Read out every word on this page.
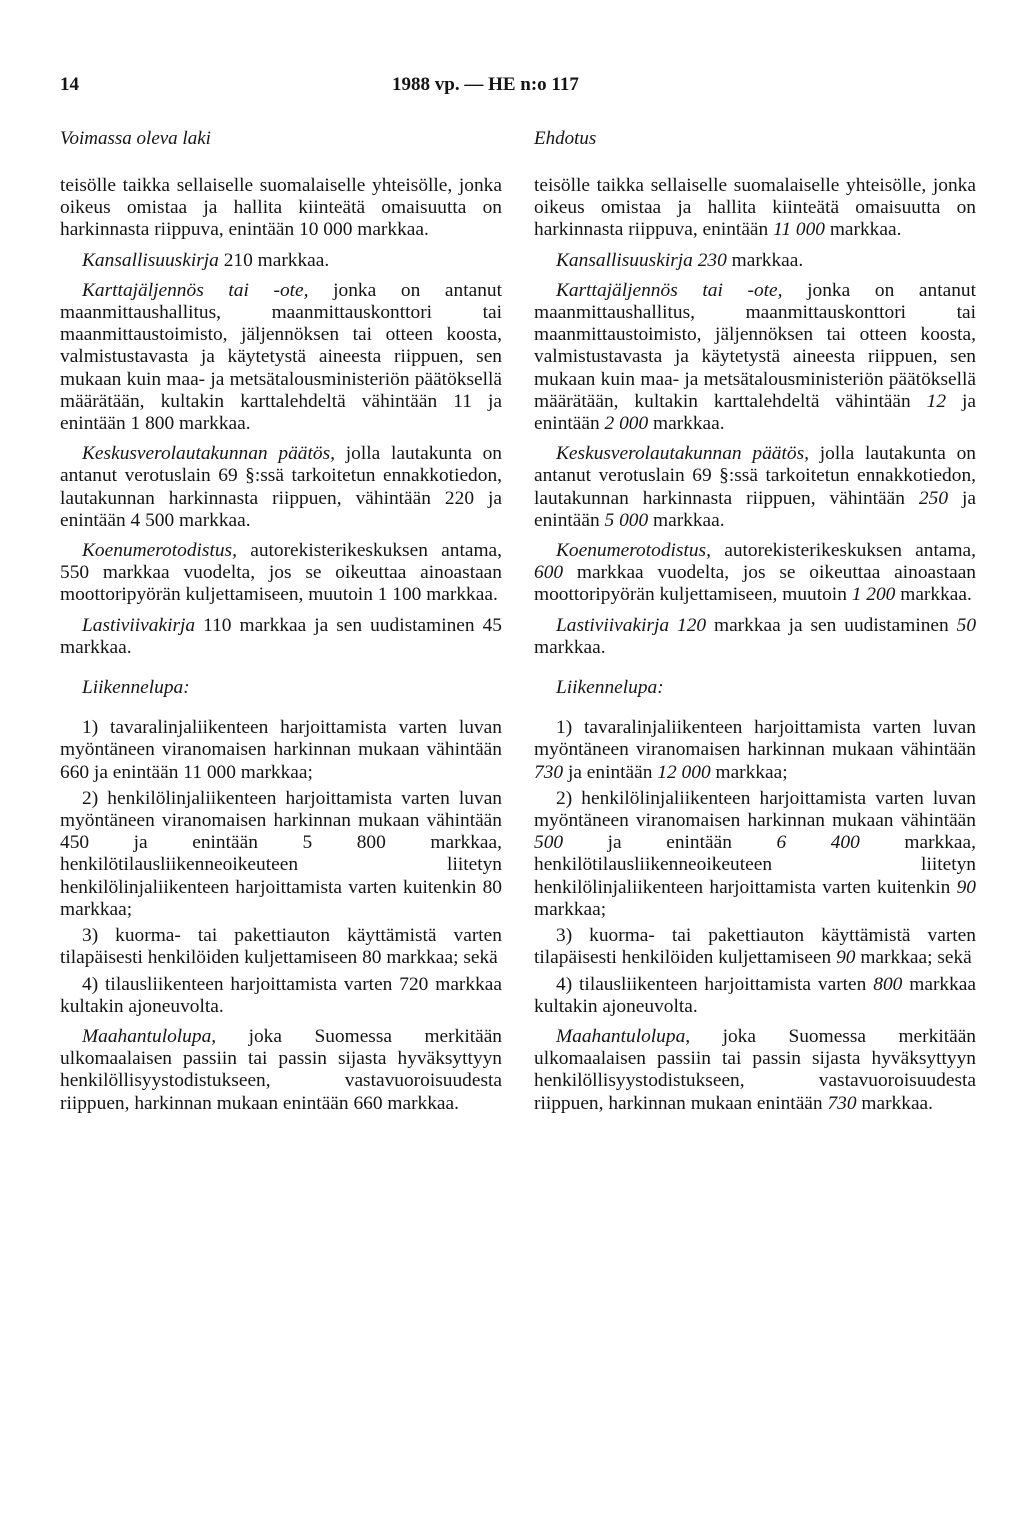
14	1988 vp. — HE n:o 117
Voimassa oleva laki

teisölle taikka sellaiselle suomalaiselle yhteisölle, jonka oikeus omistaa ja hallita kiinteätä omaisuutta on harkinnasta riippuva, enintään 10 000 markkaa.

Kansallisuuskirja 210 markkaa.

Karttajäljennös tai -ote, jonka on antanut maanmittaushallitus, maanmittauskonttori tai maanmittaustoimisto, jäljennöksen tai otteen koosta, valmistustavasta ja käytetystä aineesta riippuen, sen mukaan kuin maa- ja metsätalousministeriön päätöksellä määrätään, kultakin karttalehdeltä vähintään 11 ja enintään 1 800 markkaa.

Keskusverolautakunnan päätös, jolla lautakunta on antanut verotuslain 69 §:ssä tarkoitetun ennakkotiedon, lautakunnan harkinnasta riippuen, vähintään 220 ja enintään 4 500 markkaa.

Koenumerotodistus, autorekisterikeskuksen antama, 550 markkaa vuodelta, jos se oikeuttaa ainoastaan moottoripyörän kuljettamiseen, muutoin 1 100 markkaa.

Lastiviivakirja 110 markkaa ja sen uudistaminen 45 markkaa.

Liikennelupa:

1) tavaralinjaliikenteen harjoittamista varten luvan myöntäneen viranomaisen harkinnan mukaan vähintään 660 ja enintään 11 000 markkaa;

2) henkilölinjaliikenteen harjoittamista varten luvan myöntäneen viranomaisen harkinnan mukaan vähintään 450 ja enintään 5 800 markkaa, henkilötilausliikenneoikeuteen liitetyn henkilölinjaliikenteen harjoittamista varten kuitenkin 80 markkaa;

3) kuorma- tai pakettiauton käyttämistä varten tilapäisesti henkilöiden kuljettamiseen 80 markkaa; sekä

4) tilausliikenteen harjoittamista varten 720 markkaa kultakin ajoneuvolta.

Maahantulolupa, joka Suomessa merkitään ulkomaalaisen passiin tai passin sijasta hyväksyttyyn henkilöllisyystodistukseen, vastavuoroisuudesta riippuen, harkinnan mukaan enintään 660 markkaa.

Ehdotus

teisölle taikka sellaiselle suomalaiselle yhteisölle, jonka oikeus omistaa ja hallita kiinteätä omaisuutta on harkinnasta riippuva, enintään 11 000 markkaa.

Kansallisuuskirja 230 markkaa.

Karttajäljennös tai -ote, jonka on antanut maanmittaushallitus, maanmittauskonttori tai maanmittaustoimisto, jäljennöksen tai otteen koosta, valmistustavasta ja käytetystä aineesta riippuen, sen mukaan kuin maa- ja metsätalousministeriön päätöksellä määrätään, kultakin karttalehdeltä vähintään 12 ja enintään 2 000 markkaa.

Keskusverolautakunnan päätös, jolla lautakunta on antanut verotuslain 69 §:ssä tarkoitetun ennakkotiedon, lautakunnan harkinnasta riippuen, vähintään 250 ja enintään 5 000 markkaa.

Koenumerotodistus, autorekisterikeskuksen antama, 600 markkaa vuodelta, jos se oikeuttaa ainoastaan moottoripyörän kuljettamiseen, muutoin 1 200 markkaa.

Lastiviivakirja 120 markkaa ja sen uudistaminen 50 markkaa.

Liikennelupa:

1) tavaralinjaliikenteen harjoittamista varten luvan myöntäneen viranomaisen harkinnan mukaan vähintään 730 ja enintään 12 000 markkaa;

2) henkilölinjaliikenteen harjoittamista varten luvan myöntäneen viranomaisen harkinnan mukaan vähintään 500 ja enintään 6 400 markkaa, henkilötilausliikenneoikeuteen liitetyn henkilölinjaliikenteen harjoittamista varten kuitenkin 90 markkaa;

3) kuorma- tai pakettiauton käyttämistä varten tilapäisesti henkilöiden kuljettamiseen 90 markkaa; sekä

4) tilausliikenteen harjoittamista varten 800 markkaa kultakin ajoneuvolta.

Maahantulolupa, joka Suomessa merkitään ulkomaalaisen passiin tai passin sijasta hyväksyttyyn henkilöllisyystodistukseen, vastavuoroisuudesta riippuen, harkinnan mukaan enintään 730 markkaa.
